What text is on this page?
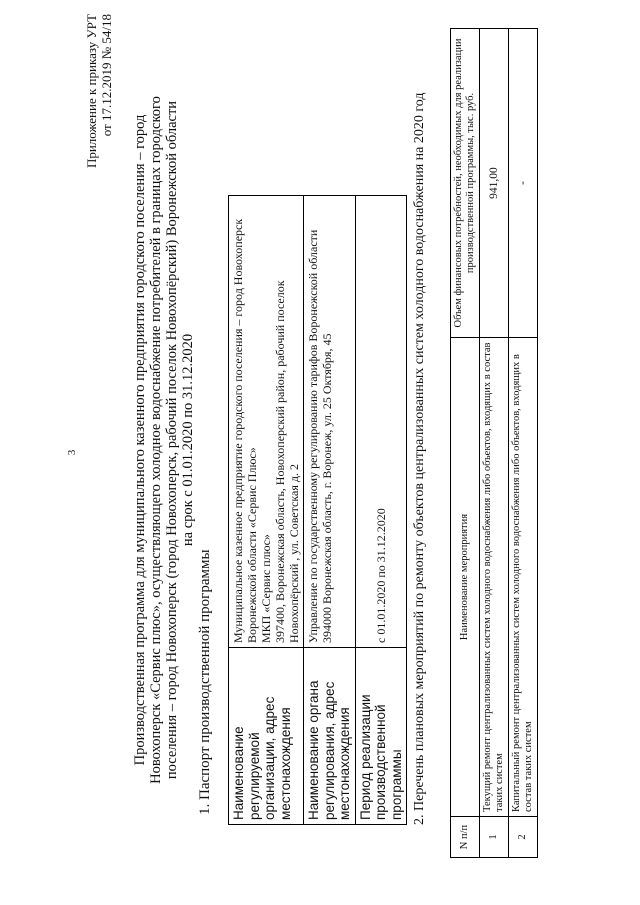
3
Приложение к приказу УРТ от 17.12.2019 № 54/18
Производственная программа для муниципального казенного предприятия городского поселения – город Новохоперск «Сервис плюс», осуществляющего холодное водоснабжение потребителей в границах городского поселения – город Новохоперск (город Новохоперск, рабочий поселок Новохопёрский) Воронежской области на срок с 01.01.2020 по 31.12.2020
1. Паспорт производственной программы Наименование регулируемой организации, адрес местонахождения	Муниципальное казенное предприятие городского поселения – город Новохоперск Воронежской области «Сервис Плюс» МКП «Сервис плюс» 397400, Воронежская область, Новохоперский район, рабочий поселок Новохопёрский , ул. Советская д. 2

Наименование органа регулирования, адрес местонахождения	Управление по государственному регулированию тарифов Воронежской области 394000 Воронежская область, г. Воронеж, ул. 25 Октября, 45

Период реализации производственной программы	с 01.01.2020 по 31.12.2020 2. Перечень плановых мероприятий по ремонту объектов централизованных систем холодного водоснабжения на 2020 год
N п/п	Наименование мероприятия	Объем финансовых потребностей, необходимых для реализации производственной программы, тыс. руб.
1	Текущий ремонт централизованных систем холодного водоснабжения либо объектов, входящих в состав таких систем	941,00
2	Капитальный ремонт централизованных систем холодного водоснабжения либо объектов, входящих в состав таких систем	-
